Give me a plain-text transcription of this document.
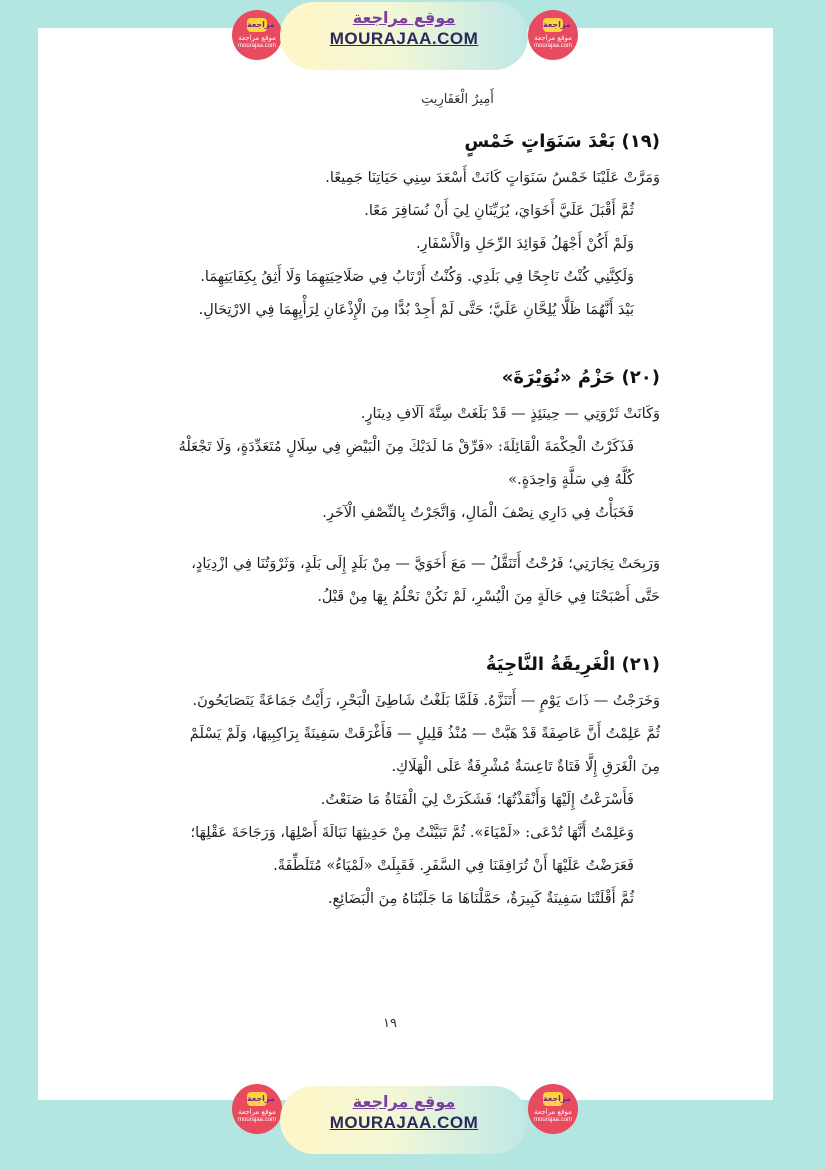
مراجعة
موقع مراجعة
mourajaa.com
موقع مراجعة
MOURAJAA.COM
مراجعة
موقع مراجعة
mourajaa.com
أَمِيرُ الْعَفَارِيتِ
(١٩) بَعْدَ سَنَوَاتٍ خَمْسٍ

وَمَرَّتْ عَلَيْنَا خَمْسُ سَنَوَاتٍ كَانَتْ أَسْعَدَ سِنِي حَيَاتِنَا جَمِيعًا.

ثُمَّ أَقْبَلَ عَلَيَّ أَخَوَايَ، يُزَيِّنَانِ لِيَ أَنْ نُسَافِرَ مَعًا.

وَلَمْ أَكُنْ أَجْهَلُ فَوَائِدَ الرِّحَلِ وَالْأَسْفَارِ.

وَلَكِنَّنِي كُنْتُ نَاجِحًا فِي بَلَدِي. وَكُنْتُ أَرْتَابُ فِي صَلَاحِيَتِهِمَا وَلَا أَثِقُ بِكِفَايَتِهِمَا.

بَيْدَ أَنَّهُمَا ظَلَّا يُلِحَّانِ عَلَيَّ؛ حَتَّى لَمْ أَجِدْ بُدًّا مِنَ الْإِذْعَانِ لِرَأْيِهِمَا فِي الارْتِحَالِ.

(٢٠) حَزْمُ «نُوَيْرَةَ»

وَكَانَتْ ثَرْوَتِي — حِينَئِذٍ — قَدْ بَلَغَتْ سِتَّةَ آلَافِ دِينَارٍ.

فَذَكَرْتُ الْحِكْمَةَ الْقَائِلَةَ: «فَرِّقْ مَا لَدَيْكَ مِنَ الْبَيْضِ فِي سِلَالٍ مُتَعَدِّدَةٍ، وَلَا تَجْعَلْهُ كُلَّهُ فِي سَلَّةٍ وَاحِدَةٍ.»

فَخَبَأْتُ فِي دَارِي نِصْفَ الْمَالِ، وَاتَّجَرْتُ بِالنِّصْفِ الْآخَرِ.

وَرَبِحَتْ تِجَارَتِي؛ فَرُحْتُ أَتَنَقَّلُ — مَعَ أَخَوَيَّ — مِنْ بَلَدٍ إِلَى بَلَدٍ، وَثَرْوَتُنَا فِي ازْدِيَادٍ، حَتَّى أَصْبَحْنَا فِي حَالَةٍ مِنَ الْيُسْرِ، لَمْ نَكُنْ نَحْلُمُ بِهَا مِنْ قَبْلُ.

(٢١) الْغَرِيقَةُ النَّاجِيَةُ

وَخَرَجْتُ — ذَاتَ يَوْمٍ — أَتَنَزَّهُ. فَلَمَّا بَلَغْتُ شَاطِئَ الْبَحْرِ، رَأَيْتُ جَمَاعَةً يَتَصَايَحُونَ. ثُمَّ عَلِمْتُ أَنَّ عَاصِفَةً قَدْ هَبَّتْ — مُنْذُ قَلِيلٍ — فَأَغْرَقَتْ سَفِينَةً بِرَاكِبِيهَا، وَلَمْ يَسْلَمْ مِنَ الْغَرَقِ إِلَّا فَتَاةٌ تَاعِسَةٌ مُشْرِفَةٌ عَلَى الْهَلَاكِ.

فَأَسْرَعْتُ إِلَيْهَا وَأَنْقَذْتُهَا؛ فَشَكَرَتْ لِيَ الْفَتَاةُ مَا صَنَعْتُ.

وَعَلِمْتُ أَنَّهَا تُدْعَى: «لَمْيَاءَ». ثُمَّ تَبَيَّنْتُ مِنْ حَدِيثِهَا نَبَالَةَ أَصْلِهَا، وَرَجَاحَةَ عَقْلِهَا؛ فَعَرَضْتُ عَلَيْهَا أَنْ تُرَافِقَنَا فِي السَّفَرِ. فَقَبِلَتْ «لَمْيَاءُ» مُتَلَطِّفَةً.

ثُمَّ أَقْلَتْنَا سَفِينَةٌ كَبِيرَةٌ، حَمَّلْنَاهَا مَا جَلَبْنَاهُ مِنَ الْبَضَائِعِ.

١٩
مراجعة
موقع مراجعة
mourajaa.com
موقع مراجعة
MOURAJAA.COM
مراجعة
موقع مراجعة
mourajaa.com
